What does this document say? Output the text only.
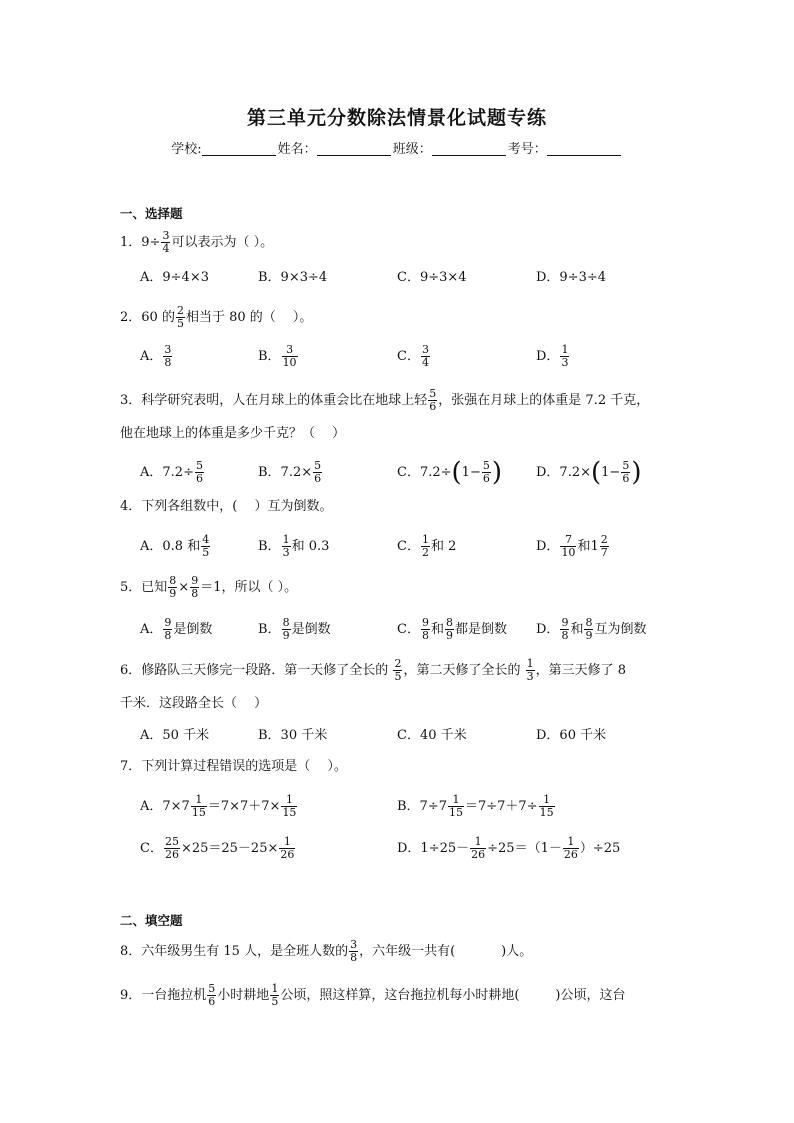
第三单元分数除法情景化试题专练
学校:	姓名：	班级：	考号：
一、选择题
1．$9\div \frac{3}{4}$ 可以表示为（ ）。
A．9÷4×3	B．9×3÷4	C．9÷3×4	D．9÷3÷4
2．60 的 $\frac{2}{5}$ 相当于 80 的（　 ）。
A． $\frac{3}{8}$	B． $\frac{3}{10}$	C． $\frac{3}{4}$	D． $\frac{1}{3}$
3．科学研究表明，人在月球上的体重会比在地球上轻 $\frac{5}{6}$ ，张强在月球上的体重是 7.2 千克，
他在地球上的体重是多少千克？（　 ）
A．$7.2\div \frac{5}{6}$	B．$7.2\times \frac{5}{6}$	C．$7.2\div(1- \frac{5}{6}$ )	D．$7.2\times(1- \frac{5}{6}$ )
4．下列各组数中，(　 ）互为倒数。
A．0.8 和 $\frac{4}{5}$	B． $\frac{1}{3}$ 和 0.3	C． $\frac{1}{2}$ 和 2	D． $\frac{7}{10}$ 和$1 \frac{2}{7}$
5．已知 $\frac{8}{9} \times \frac{9}{8} =1$，所以（ ）。
A． $\frac{9}{8}$ 是倒数	B． $\frac{8}{9}$ 是倒数	C． $\frac{9}{8}$ 和 $\frac{8}{9}$ 都是倒数 D． $\frac{9}{8}$ 和 $\frac{8}{9}$ 互为倒数
6．修路队三天修完一段路．第一天修了全长的 $\frac{2}{5}$ ，第二天修了全长的 $\frac{1}{3}$ ，第三天修了 8
千米．这段路全长（　 ）
A．50 千米	B．30 千米	C．40 千米	D．60 千米
7．下列计算过程错误的选项是（　 ）。
A．$7\times 7 \frac{1}{15} =7\times 7+7\times \frac{1}{15}$	B．$7\div 7 \frac{1}{15} =7\div 7+7\div \frac{1}{15}$
C． $\frac{25}{26} \times 25=25-25\times \frac{1}{26}$	D．$1\div 25- \frac{1}{26} \div 25=(1- \frac{1}{26} )\div 25$
二、填空题
8．六年级男生有 15 人，是全班人数的 $\frac{3}{8}$ ，六年级一共有(	)人。
9．一台拖拉机 $\frac{5}{6}$ 小时耕地 $\frac{1}{5}$ 公顷，照这样算，这台拖拉机每小时耕地(	)公顷，这台
